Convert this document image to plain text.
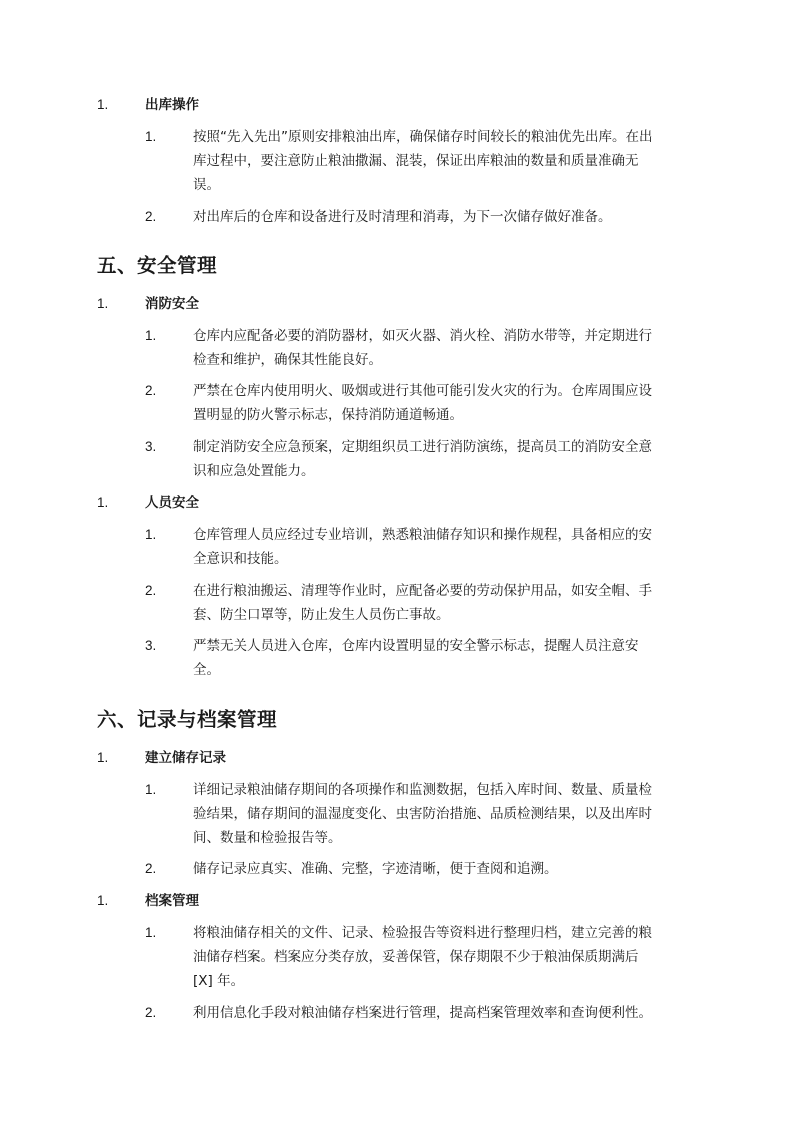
1.	出库操作
1.	按照“先入先出”原则安排粮油出库，确保储存时间较长的粮油优先出库。在出
库过程中，要注意防止粮油撒漏、混装，保证出库粮油的数量和质量准确无
误。
2.	对出库后的仓库和设备进行及时清理和消毒，为下一次储存做好准备。
五、安全管理
1.	消防安全
1.	仓库内应配备必要的消防器材，如灭火器、消火栓、消防水带等，并定期进行
检查和维护，确保其性能良好。
2.	严禁在仓库内使用明火、吸烟或进行其他可能引发火灾的行为。仓库周围应设
置明显的防火警示标志，保持消防通道畅通。
3.	制定消防安全应急预案，定期组织员工进行消防演练，提高员工的消防安全意
识和应急处置能力。
1.	人员安全
1.	仓库管理人员应经过专业培训，熟悉粮油储存知识和操作规程，具备相应的安
全意识和技能。
2.	在进行粮油搬运、清理等作业时，应配备必要的劳动保护用品，如安全帽、手
套、防尘口罩等，防止发生人员伤亡事故。
3.	严禁无关人员进入仓库，仓库内设置明显的安全警示标志，提醒人员注意安
全。
六、记录与档案管理
1.	建立储存记录
1.	详细记录粮油储存期间的各项操作和监测数据，包括入库时间、数量、质量检
验结果，储存期间的温湿度变化、虫害防治措施、品质检测结果，以及出库时
间、数量和检验报告等。
2.	储存记录应真实、准确、完整，字迹清晰，便于查阅和追溯。
1.	档案管理
1.	将粮油储存相关的文件、记录、检验报告等资料进行整理归档，建立完善的粮
油储存档案。档案应分类存放，妥善保管，保存期限不少于粮油保质期满后
[X] 年。
2.	利用信息化手段对粮油储存档案进行管理，提高档案管理效率和查询便利性。
